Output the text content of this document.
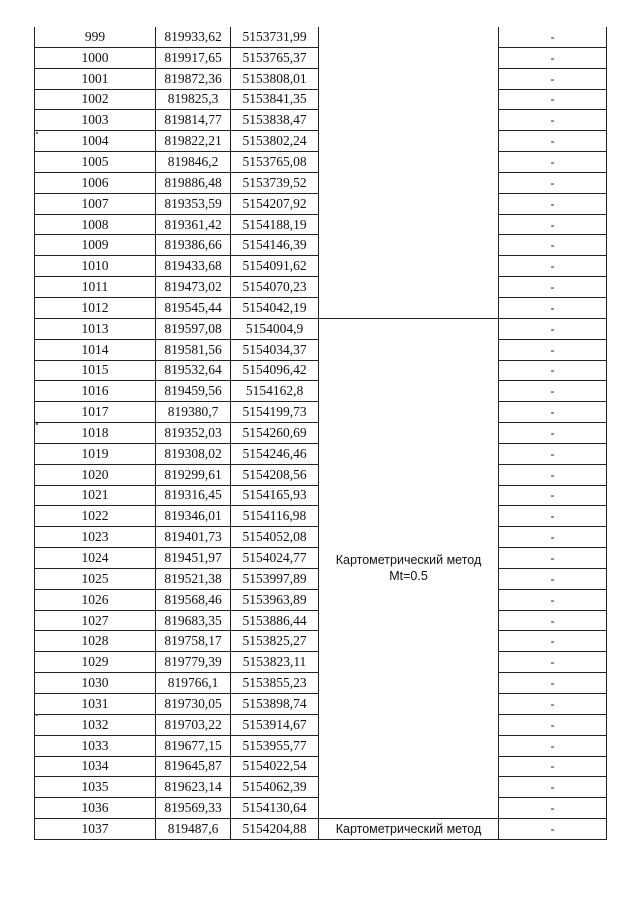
999	819933,62	5153731,99		-
1000	819917,65	5153765,37		-
1001	819872,36	5153808,01		-
1002	819825,3	5153841,35		-
1003	819814,77	5153838,47		-
1004	819822,21	5153802,24		-
1005	819846,2	5153765,08		-
1006	819886,48	5153739,52		-
1007	819353,59	5154207,92		-
1008	819361,42	5154188,19		-
1009	819386,66	5154146,39		-
1010	819433,68	5154091,62		-
1011	819473,02	5154070,23		-
1012	819545,44	5154042,19		-
1013	819597,08	5154004,9	Картометрический метод
Mt=0.5	-
1014	819581,56	5154034,37		-
1015	819532,64	5154096,42		-
1016	819459,56	5154162,8		-
1017	819380,7	5154199,73		-
1018	819352,03	5154260,69		-
1019	819308,02	5154246,46		-
1020	819299,61	5154208,56		-
1021	819316,45	5154165,93		-
1022	819346,01	5154116,98		-
1023	819401,73	5154052,08		-
1024	819451,97	5154024,77		-
1025	819521,38	5153997,89		-
1026	819568,46	5153963,89		-
1027	819683,35	5153886,44		-
1028	819758,17	5153825,27		-
1029	819779,39	5153823,11		-
1030	819766,1	5153855,23		-
1031	819730,05	5153898,74		-
1032	819703,22	5153914,67		-
1033	819677,15	5153955,77		-
1034	819645,87	5154022,54		-
1035	819623,14	5154062,39		-
1036	819569,33	5154130,64		-
1037	819487,6	5154204,88	Картометрический метод	-
